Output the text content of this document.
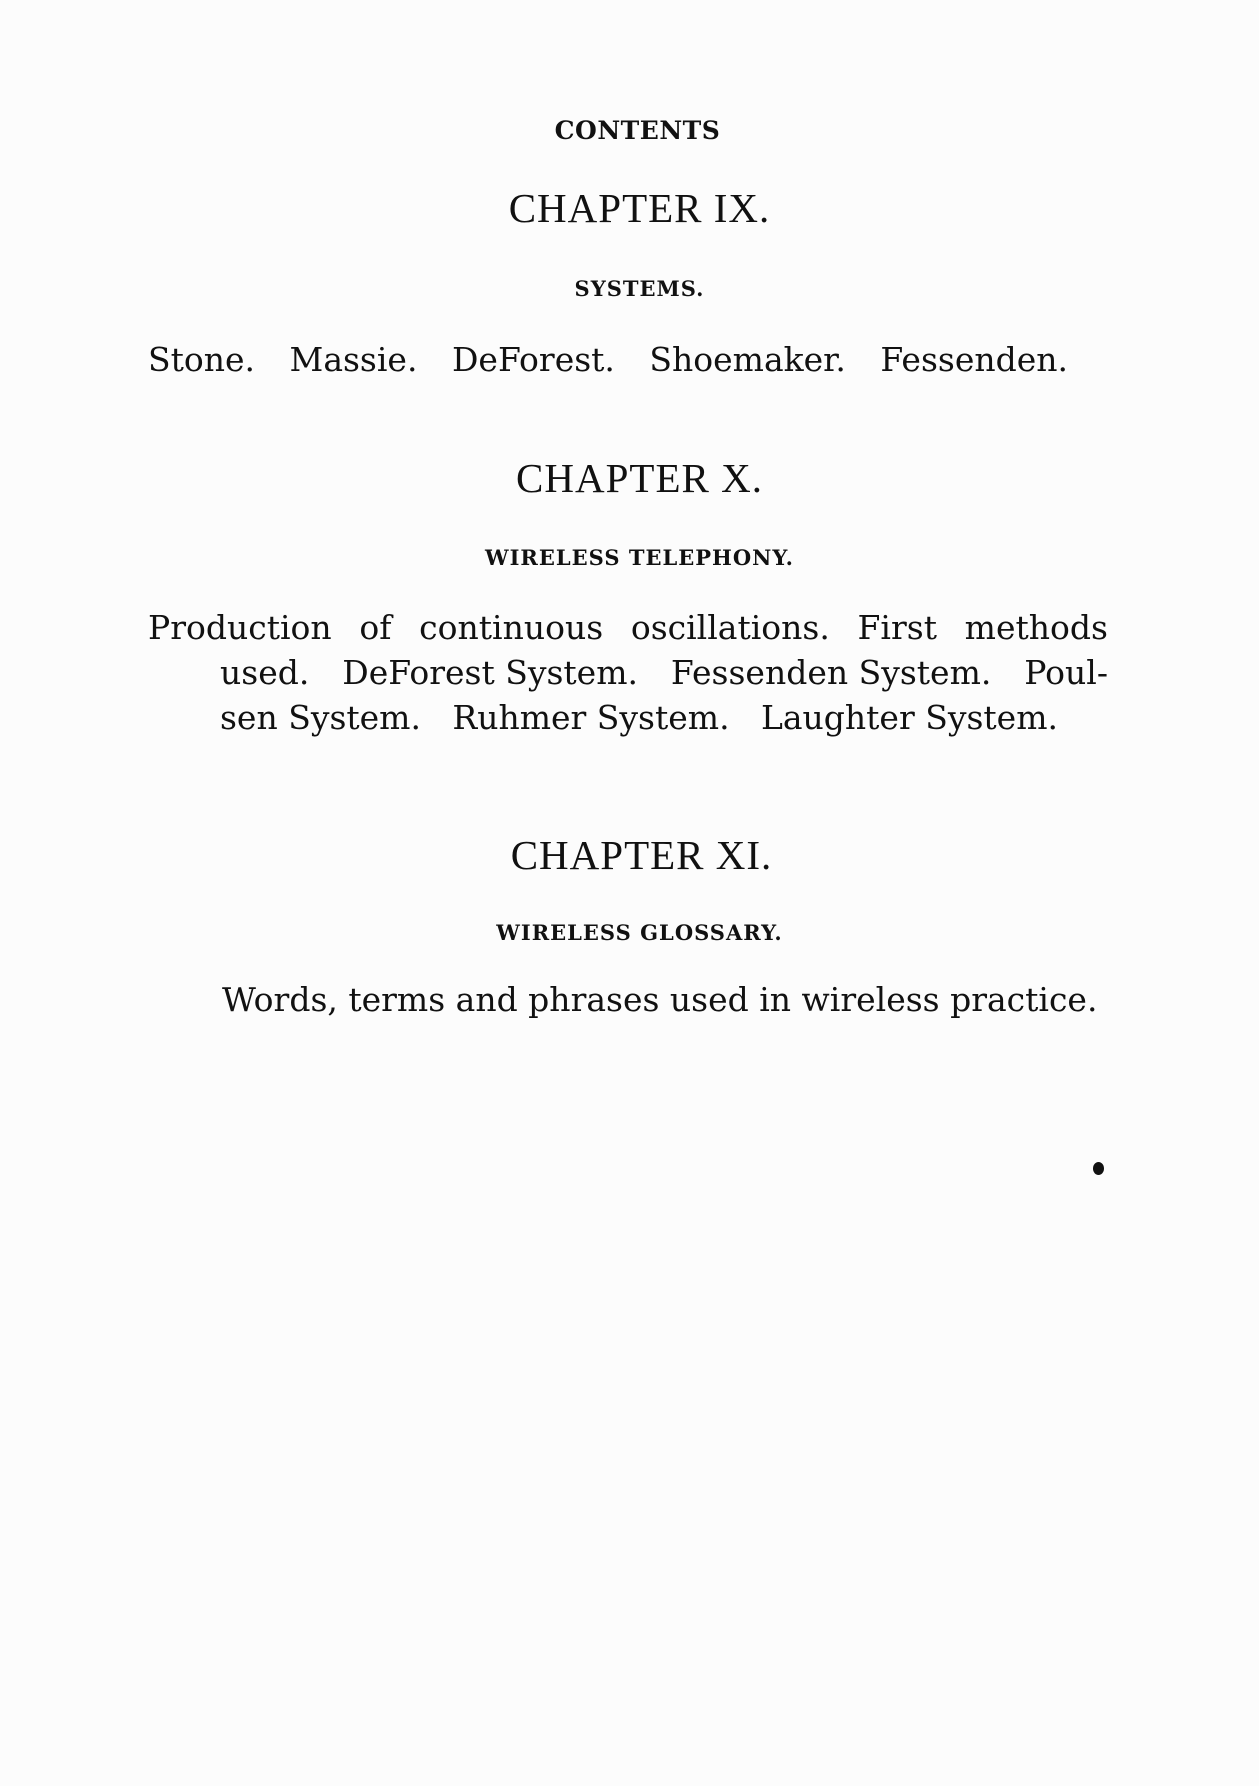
CONTENTS
CHAPTER IX.
SYSTEMS.
Stone. Massie. DeForest. Shoemaker. Fessenden.
CHAPTER X.
WIRELESS TELEPHONY.
Production of continuous oscillations. First methods
used. DeForest System. Fessenden System. Poul-
sen System. Ruhmer System. Laughter System.
CHAPTER XI.
WIRELESS GLOSSARY.
Words, terms and phrases used in wireless practice.
